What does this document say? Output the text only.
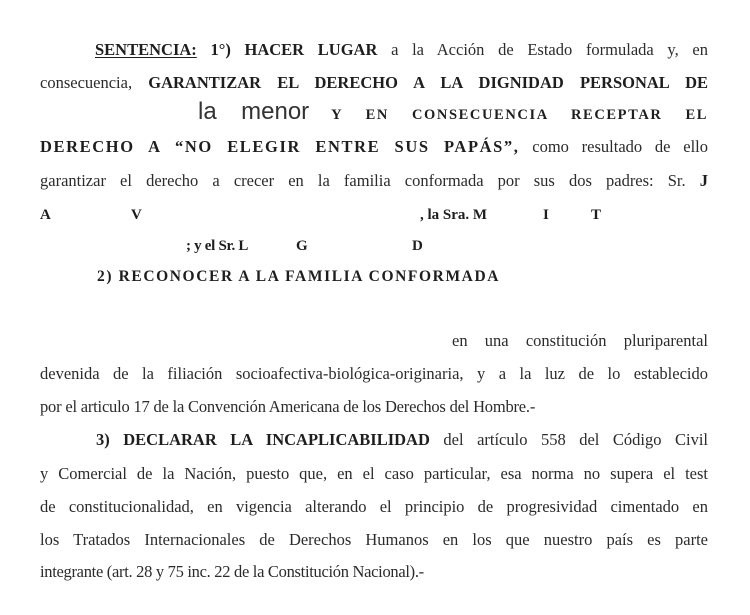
SENTENCIA: 1°) HACER LUGAR a la Acción de Estado formulada y, en
consecuencia, GARANTIZAR EL DERECHO A LA DIGNIDAD PERSONAL DE
la menor Y EN CONSECUENCIA RECEPTAR EL
DERECHO A “NO ELEGIR ENTRE SUS PAPÁS”, como resultado de ello
garantizar el derecho a crecer en la familia conformada por sus dos padres: Sr. J
A	V	, la Sra. M	I	T
; y el Sr. L	G	D
2) RECONOCER A LA FAMILIA CONFORMADA
en una constitución pluriparental
devenida de la filiación socioafectiva-biológica-originaria, y a la luz de lo establecido
por el articulo 17 de la Convención Americana de los Derechos del Hombre.-
3) DECLARAR LA INCAPLICABILIDAD del artículo 558 del Código Civil
y Comercial de la Nación, puesto que, en el caso particular, esa norma no supera el test
de constitucionalidad, en vigencia alterando el principio de progresividad cimentado en
los Tratados Internacionales de Derechos Humanos en los que nuestro país es parte
integrante (art. 28 y 75 inc. 22 de la Constitución Nacional).-
